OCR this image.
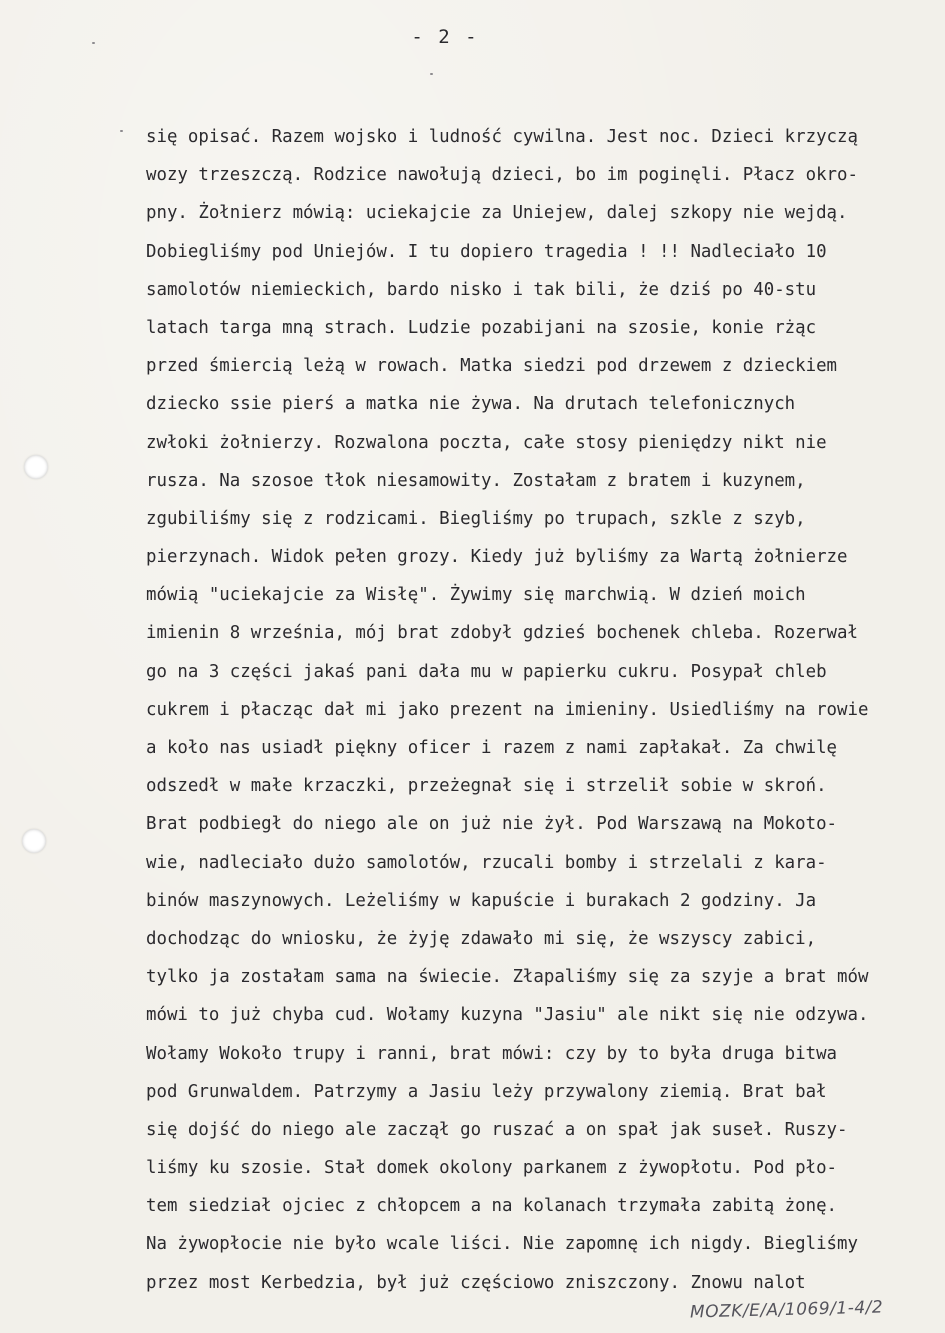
- 2 -
się opisać. Razem wojsko i ludność cywilna. Jest noc. Dzieci krzyczą
wozy trzeszczą. Rodzice nawołują dzieci, bo im poginęli. Płacz okro-
pny. Żołnierz mówią: uciekajcie za Uniejew, dalej szkopy nie wejdą.
Dobiegliśmy pod Uniejów. I tu dopiero tragedia ! !! Nadleciało 10
samolotów niemieckich, bardo nisko i tak bili, że dziś po 40-stu
latach targa mną strach. Ludzie pozabijani na szosie, konie rżąc
przed śmiercią leżą w rowach. Matka siedzi pod drzewem z dzieckiem
dziecko ssie pierś a matka nie żywa. Na drutach telefonicznych
zwłoki żołnierzy. Rozwalona poczta, całe stosy pieniędzy nikt nie
rusza. Na szosoe tłok niesamowity. Zostałam z bratem i kuzynem,
zgubiliśmy się z rodzicami. Biegliśmy po trupach, szkle z szyb,
pierzynach. Widok pełen grozy. Kiedy już byliśmy za Wartą żołnierze
mówią "uciekajcie za Wisłę". Żywimy się marchwią. W dzień moich
imienin 8 września, mój brat zdobył gdzieś bochenek chleba. Rozerwał
go na 3 części jakaś pani dała mu w papierku cukru. Posypał chleb
cukrem i płacząc dał mi jako prezent na imieniny. Usiedliśmy na rowie
a koło nas usiadł piękny oficer i razem z nami zapłakał. Za chwilę
odszedł w małe krzaczki, przeżegnał się i strzelił sobie w skroń.
Brat podbiegł do niego ale on już nie żył. Pod Warszawą na Mokoto-
wie, nadleciało dużo samolotów, rzucali bomby i strzelali z kara-
binów maszynowych. Leżeliśmy w kapuście i burakach 2 godziny. Ja
dochodząc do wniosku, że żyję zdawało mi się, że wszyscy zabici,
tylko ja zostałam sama na świecie. Złapaliśmy się za szyje a brat mów
mówi to już chyba cud. Wołamy kuzyna "Jasiu" ale nikt się nie odzywa.
Wołamy Wokoło trupy i ranni, brat mówi: czy by to była druga bitwa
pod Grunwaldem. Patrzymy a Jasiu leży przywalony ziemią. Brat bał
się dojść do niego ale zaczął go ruszać a on spał jak suseł. Ruszy-
liśmy ku szosie. Stał domek okolony parkanem z żywopłotu. Pod pło-
tem siedział ojciec z chłopcem a na kolanach trzymała zabitą żonę.
Na żywopłocie nie było wcale liści. Nie zapomnę ich nigdy. Biegliśmy
przez most Kerbedzia, był już częściowo zniszczony. Znowu nalot
MOZK/E/A/1069/1-4/2
